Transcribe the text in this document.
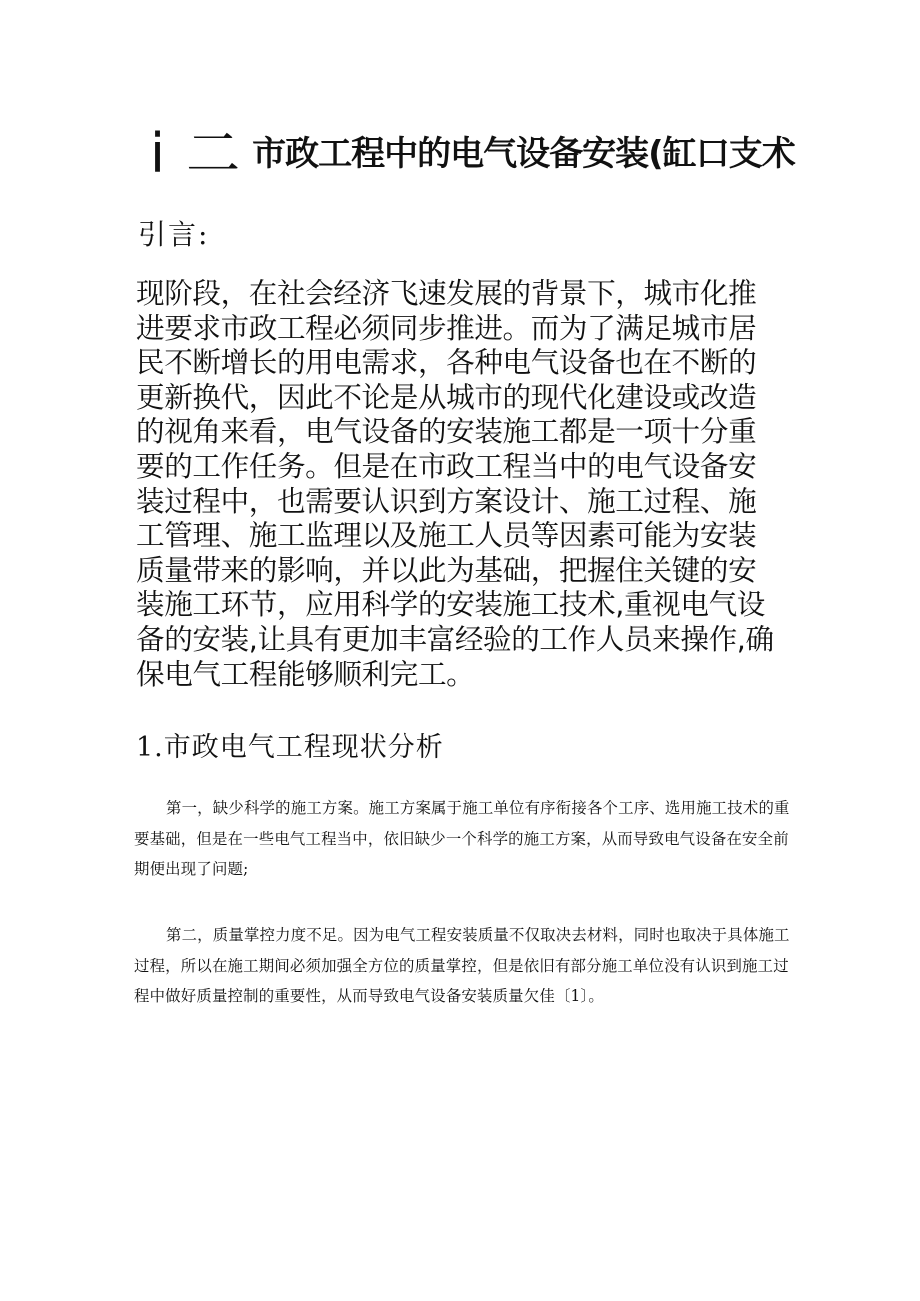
i 二 市政工程中的电气设备安装(缸口支术
引言:

现阶段，在社会经济飞速发展的背景下，城市化推进要求市政工程必须同步推进。而为了满足城市居民不断增长的用电需求，各种电气设备也在不断的更新换代，因此不论是从城市的现代化建设或改造的视角来看，电气设备的安装施工都是一项十分重要的工作任务。但是在市政工程当中的电气设备安装过程中，也需要认识到方案设计、施工过程、施工管理、施工监理以及施工人员等因素可能为安装质量带来的影响，并以此为基础，把握住关键的安装施工环节，应用科学的安装施工技术,重视电气设备的安装,让具有更加丰富经验的工作人员来操作,确保电气工程能够顺利完工。

1.市政电气工程现状分析

第一，缺少科学的施工方案。施工方案属于施工单位有序衔接各个工序、选用施工技术的重要基础，但是在一些电气工程当中，依旧缺少一个科学的施工方案，从而导致电气设备在安全前期便出现了问题;

第二，质量掌控力度不足。因为电气工程安装质量不仅取决去材料，同时也取决于具体施工过程，所以在施工期间必须加强全方位的质量掌控，但是依旧有部分施工单位没有认识到施工过程中做好质量控制的重要性，从而导致电气设备安装质量欠佳〔1〕。
